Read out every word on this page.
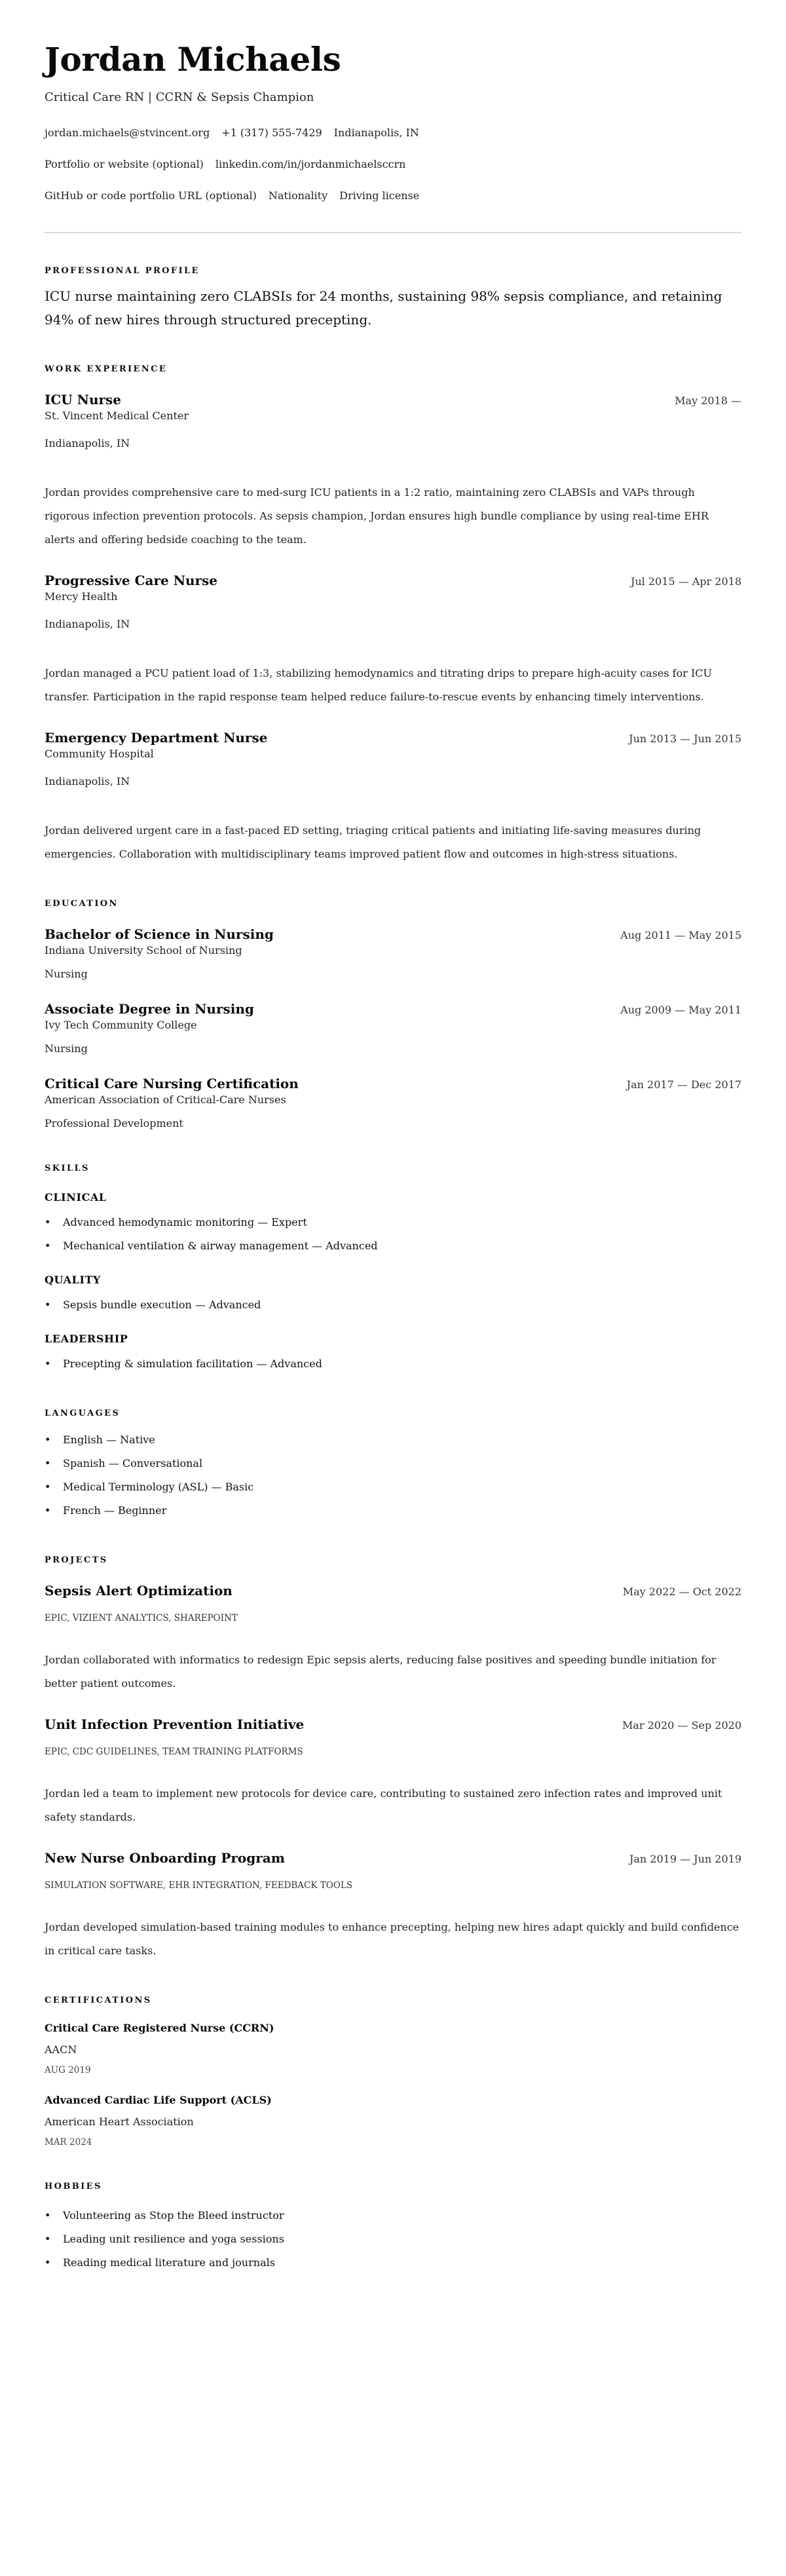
Jordan Michaels
Critical Care RN | CCRN & Sepsis Champion
jordan.michaels@stvincent.org +1 (317) 555-7429 Indianapolis, IN
Portfolio or website (optional) linkedin.com/in/jordanmichaelsccrn
GitHub or code portfolio URL (optional) Nationality Driving license
PROFESSIONAL PROFILE

ICU nurse maintaining zero CLABSIs for 24 months, sustaining 98% sepsis compliance, and retaining 94% of new hires through structured precepting.

WORK EXPERIENCE
ICU Nurse	May 2018 —
St. Vincent Medical Center
Indianapolis, IN

Jordan provides comprehensive care to med-surg ICU patients in a 1:2 ratio, maintaining zero CLABSIs and VAPs through rigorous infection prevention protocols. As sepsis champion, Jordan ensures high bundle compliance by using real-time EHR alerts and offering bedside coaching to the team.

Progressive Care Nurse	Jul 2015 — Apr 2018
Mercy Health
Indianapolis, IN

Jordan managed a PCU patient load of 1:3, stabilizing hemodynamics and titrating drips to prepare high-acuity cases for ICU transfer. Participation in the rapid response team helped reduce failure-to-rescue events by enhancing timely interventions.

Emergency Department Nurse	Jun 2013 — Jun 2015
Community Hospital
Indianapolis, IN

Jordan delivered urgent care in a fast-paced ED setting, triaging critical patients and initiating life-saving measures during emergencies. Collaboration with multidisciplinary teams improved patient flow and outcomes in high-stress situations.

EDUCATION
Bachelor of Science in Nursing	Aug 2011 — May 2015
Indiana University School of Nursing
Nursing
Associate Degree in Nursing	Aug 2009 — May 2011
Ivy Tech Community College
Nursing
Critical Care Nursing Certification	Jan 2017 — Dec 2017
American Association of Critical-Care Nurses
Professional Development
SKILLS
CLINICAL
• Advanced hemodynamic monitoring — Expert
• Mechanical ventilation & airway management — Advanced
QUALITY
• Sepsis bundle execution — Advanced
LEADERSHIP
• Precepting & simulation facilitation — Advanced
LANGUAGES
• English — Native
• Spanish — Conversational
• Medical Terminology (ASL) — Basic
• French — Beginner
PROJECTS
Sepsis Alert Optimization	May 2022 — Oct 2022
EPIC, VIZIENT ANALYTICS, SHAREPOINT

Jordan collaborated with informatics to redesign Epic sepsis alerts, reducing false positives and speeding bundle initiation for better patient outcomes.

Unit Infection Prevention Initiative	Mar 2020 — Sep 2020
EPIC, CDC GUIDELINES, TEAM TRAINING PLATFORMS

Jordan led a team to implement new protocols for device care, contributing to sustained zero infection rates and improved unit safety standards.

New Nurse Onboarding Program	Jan 2019 — Jun 2019
SIMULATION SOFTWARE, EHR INTEGRATION, FEEDBACK TOOLS

Jordan developed simulation-based training modules to enhance precepting, helping new hires adapt quickly and build confidence in critical care tasks.

CERTIFICATIONS
Critical Care Registered Nurse (CCRN)
AACN
AUG 2019
Advanced Cardiac Life Support (ACLS)
American Heart Association
MAR 2024
HOBBIES
• Volunteering as Stop the Bleed instructor
• Leading unit resilience and yoga sessions
• Reading medical literature and journals
